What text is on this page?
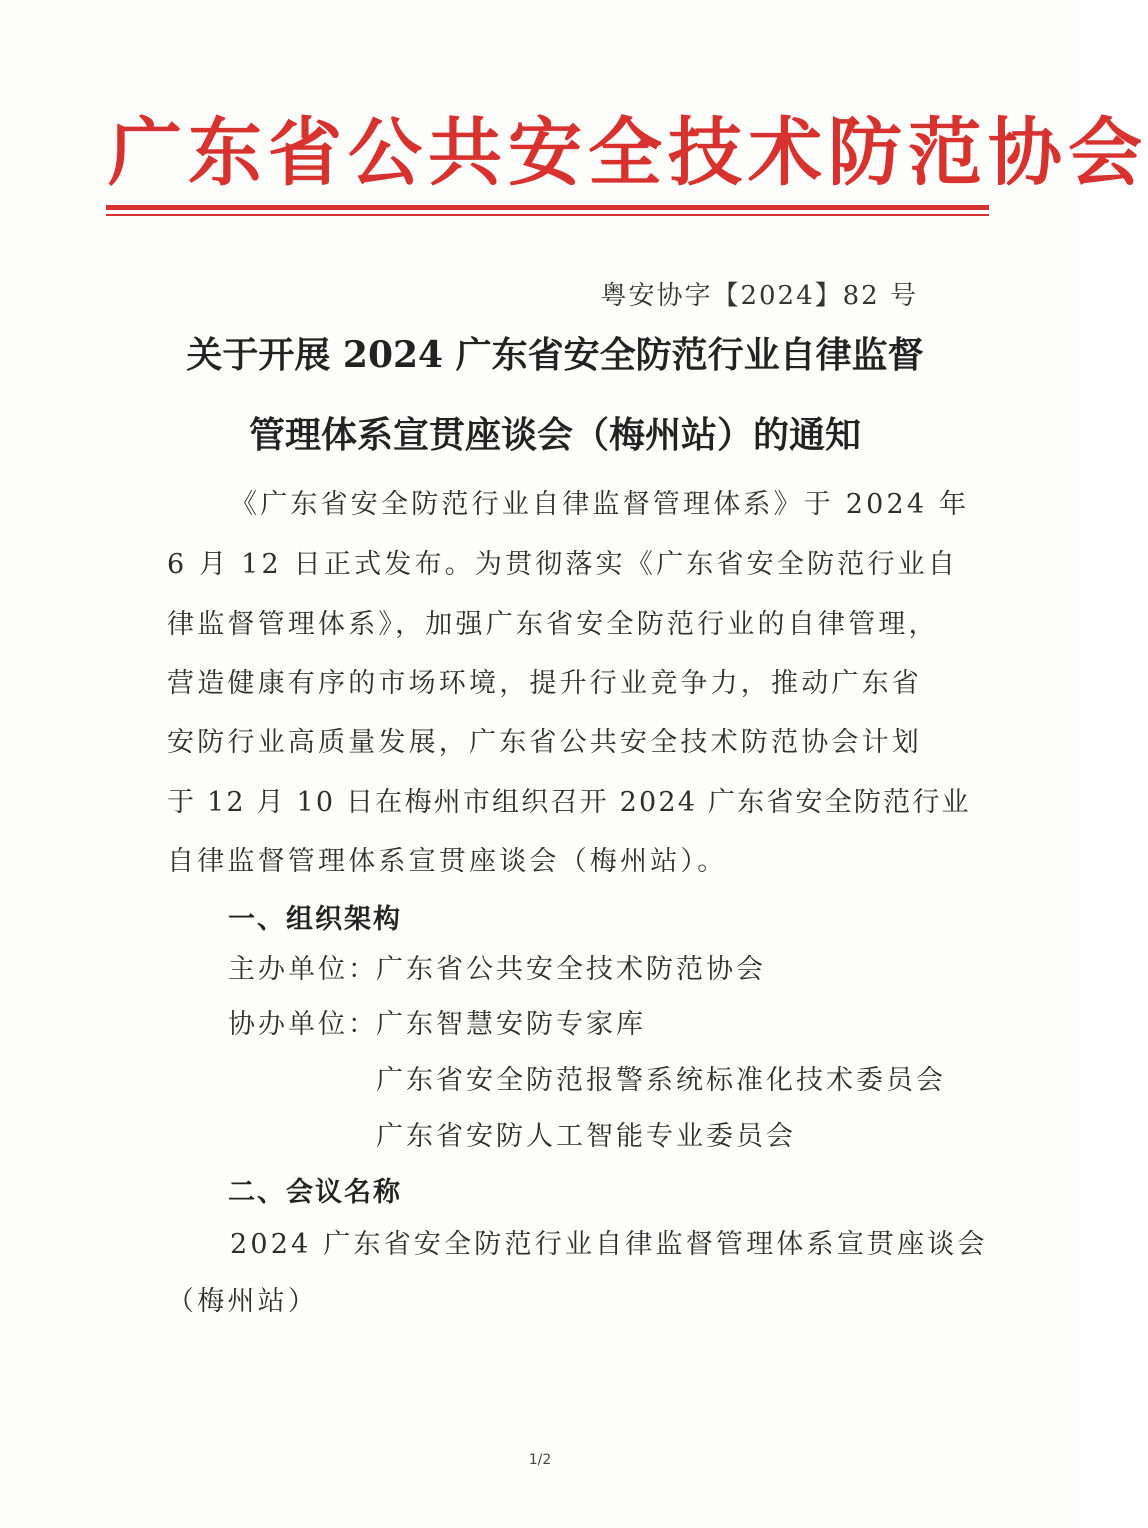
广东省公共安全技术防范协会
粤安协字【2024】82 号
关于开展 2024 广东省安全防范行业自律监督
管理体系宣贯座谈会（梅州站）的通知
《广东省安全防范行业自律监督管理体系》于 2024 年
6 月 12 日正式发布。为贯彻落实《广东省安全防范行业自
律监督管理体系》，加强广东省安全防范行业的自律管理，
营造健康有序的市场环境，提升行业竞争力，推动广东省
安防行业高质量发展，广东省公共安全技术防范协会计划
于 12 月 10 日在梅州市组织召开 2024 广东省安全防范行业
自律监督管理体系宣贯座谈会（梅州站）。
一、组织架构
主办单位：
广东省公共安全技术防范协会
协办单位：
广东智慧安防专家库
广东省安全防范报警系统标准化技术委员会
广东省安防人工智能专业委员会
二、会议名称
2024 广东省安全防范行业自律监督管理体系宣贯座谈会
（梅州站）
1/2
